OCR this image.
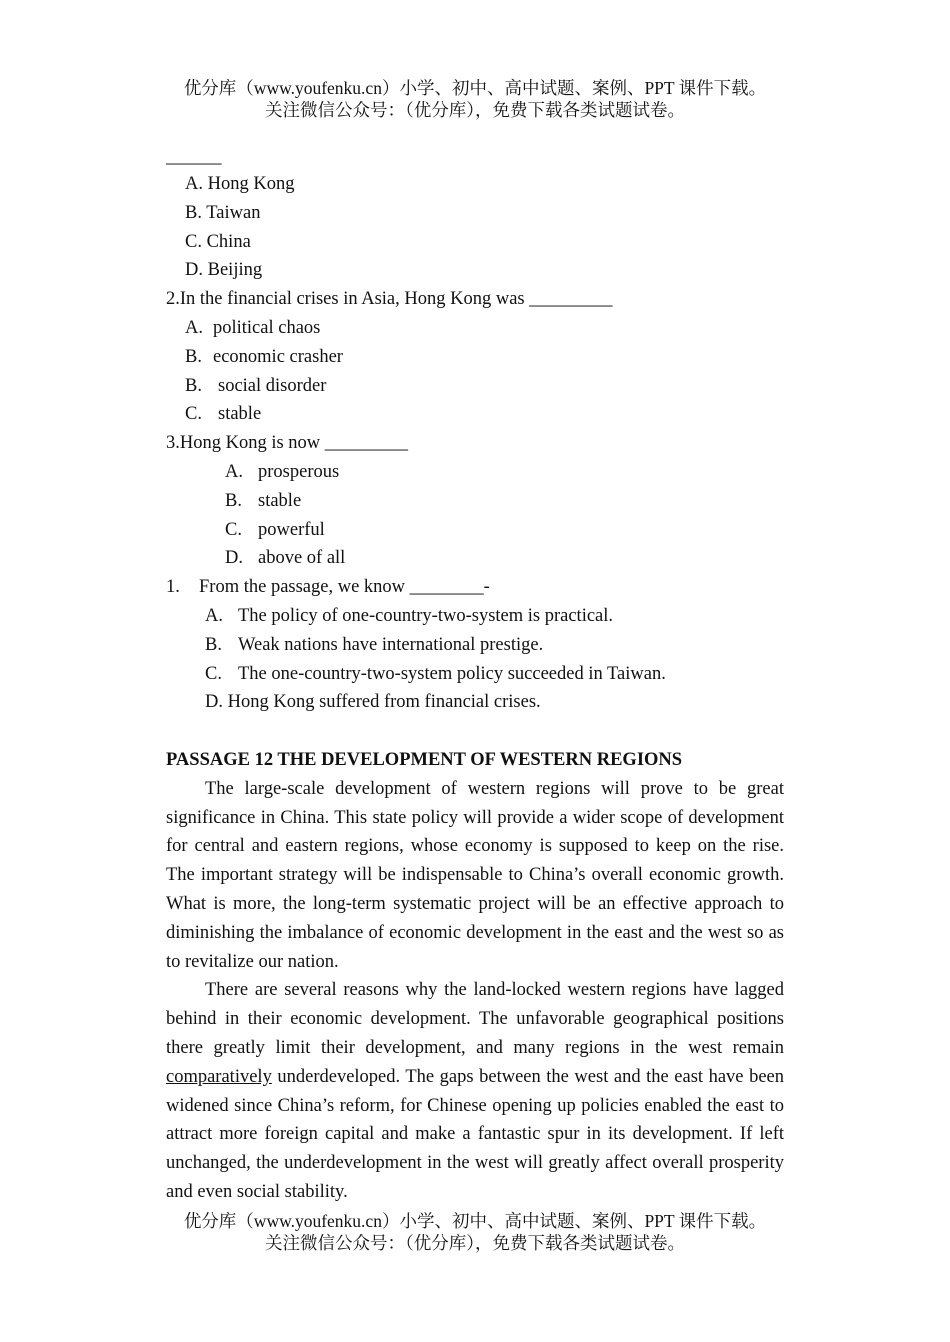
优分库（www.youfenku.cn）小学、初中、高中试题、案例、PPT 课件下载。
关注微信公众号：（优分库），免费下载各类试题试卷。
______
A. Hong Kong
B. Taiwan
C. China
D. Beijing
2.In the financial crises in Asia, Hong Kong was _________
A. political chaos
B. economic crasher
B. social disorder
C. stable
3.Hong Kong is now _________
A. prosperous
B. stable
C. powerful
D. above of all
1. From the passage, we know ________-
A. The policy of one-country-two-system is practical.
B. Weak nations have international prestige.
C. The one-country-two-system policy succeeded in Taiwan.
D. Hong Kong suffered from financial crises.
PASSAGE 12 THE DEVELOPMENT OF WESTERN REGIONS

The large-scale development of western regions will prove to be great significance in China. This state policy will provide a wider scope of development for central and eastern regions, whose economy is supposed to keep on the rise. The important strategy will be indispensable to China’s overall economic growth. What is more, the long-term systematic project will be an effective approach to diminishing the imbalance of economic development in the east and the west so as to revitalize our nation.

There are several reasons why the land-locked western regions have lagged behind in their economic development. The unfavorable geographical positions there greatly limit their development, and many regions in the west remain comparatively underdeveloped. The gaps between the west and the east have been widened since China’s reform, for Chinese opening up policies enabled the east to attract more foreign capital and make a fantastic spur in its development. If left unchanged, the underdevelopment in the west will greatly affect overall prosperity and even social stability.

优分库（www.youfenku.cn）小学、初中、高中试题、案例、PPT 课件下载。
关注微信公众号：（优分库），免费下载各类试题试卷。
